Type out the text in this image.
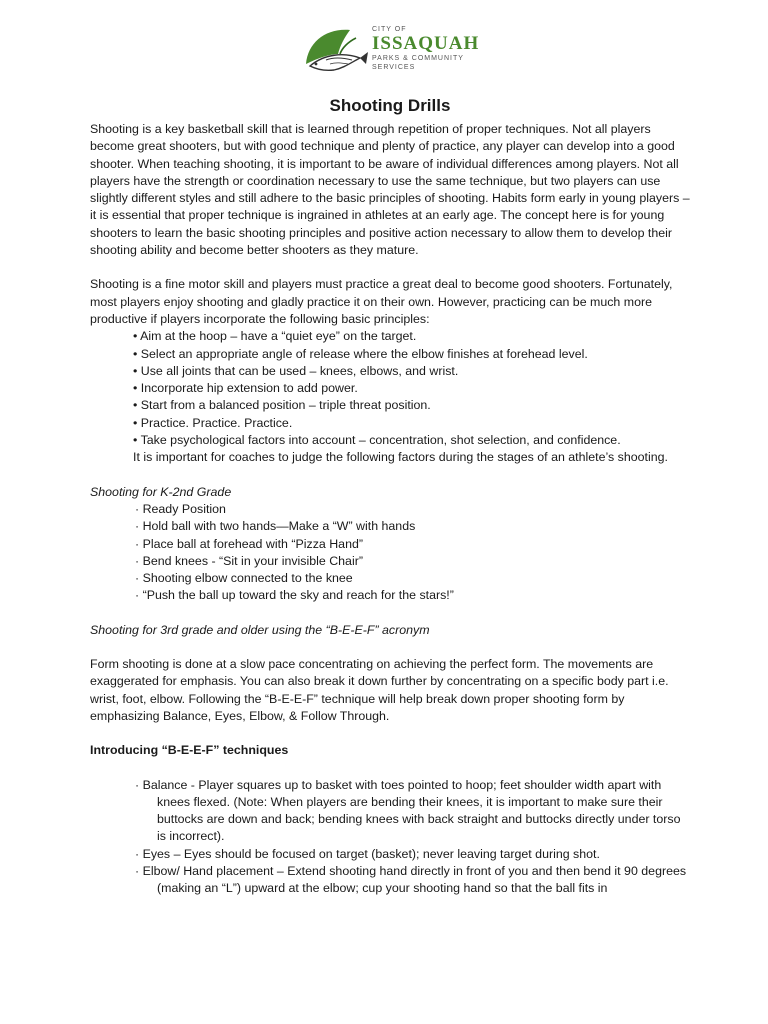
CITY OF
ISSAQUAH
PARKS & COMMUNITY
SERVICES
Shooting Drills

Shooting is a key basketball skill that is learned through repetition of proper techniques. Not all players become great shooters, but with good technique and plenty of practice, any player can develop into a good shooter. When teaching shooting, it is important to be aware of individual differences among players. Not all players have the strength or coordination necessary to use the same technique, but two players can use slightly different styles and still adhere to the basic principles of shooting. Habits form early in young players – it is essential that proper technique is ingrained in athletes at an early age. The concept here is for young shooters to learn the basic shooting principles and positive action necessary to allow them to develop their shooting ability and become better shooters as they mature.

Shooting is a fine motor skill and players must practice a great deal to become good shooters. Fortunately, most players enjoy shooting and gladly practice it on their own. However, practicing can be much more productive if players incorporate the following basic principles:

• Aim at the hoop – have a “quiet eye” on the target.
• Select an appropriate angle of release where the elbow finishes at forehead level.
• Use all joints that can be used – knees, elbows, and wrist.
• Incorporate hip extension to add power.
• Start from a balanced position – triple threat position.
• Practice. Practice. Practice.
• Take psychological factors into account – concentration, shot selection, and confidence.

It is important for coaches to judge the following factors during the stages of an athlete’s shooting.

Shooting for K-2nd Grade

· Ready Position
· Hold ball with two hands—Make a “W” with hands
· Place ball at forehead with “Pizza Hand”
· Bend knees - “Sit in your invisible Chair”
· Shooting elbow connected to the knee
· “Push the ball up toward the sky and reach for the stars!”

Shooting for 3rd grade and older using the “B-E-E-F” acronym

Form shooting is done at a slow pace concentrating on achieving the perfect form. The movements are exaggerated for emphasis. You can also break it down further by concentrating on a specific body part i.e. wrist, foot, elbow. Following the “B-E-E-F” technique will help break down proper shooting form by emphasizing Balance, Eyes, Elbow, & Follow Through.

Introducing “B-E-E-F” techniques

· Balance - Player squares up to basket with toes pointed to hoop; feet shoulder width apart with knees flexed. (Note: When players are bending their knees, it is important to make sure their buttocks are down and back; bending knees with back straight and buttocks directly under torso is incorrect).
· Eyes – Eyes should be focused on target (basket); never leaving target during shot.
· Elbow/ Hand placement – Extend shooting hand directly in front of you and then bend it 90 degrees (making an “L”) upward at the elbow; cup your shooting hand so that the ball fits in
